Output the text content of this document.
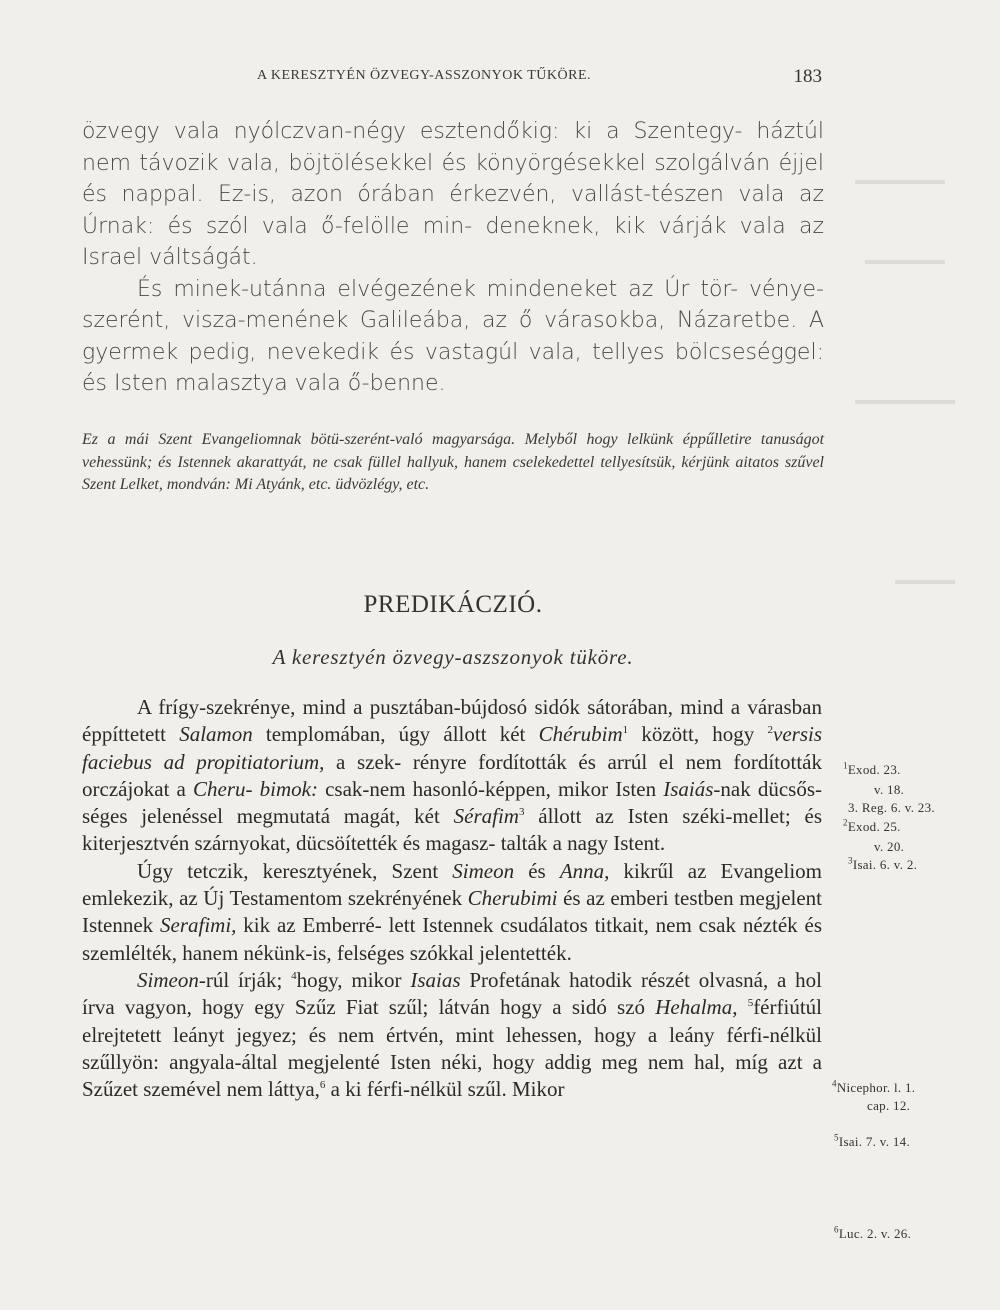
A KERESZTYÉN ÖZVEGY-ASSZONYOK TŰKÖRE.	183

özvegy vala nyólczvan-négy esztendőkig: ki a Szentegy- háztúl nem távozik vala, böjtölésekkel és könyörgésekkel szolgálván éjjel és nappal. Ez-is, azon órában érkezvén, vallást-tészen vala az Úrnak: és szól vala ő-felölle min- deneknek, kik várják vala az Israel váltságát.

És minek-utánna elvégezének mindeneket az Úr tör- vénye-szerént, visza-menének Galileába, az ő várasokba, Názaretbe. A gyermek pedig, nevekedik és vastagúl vala, tellyes bölcseséggel: és Isten malasztya vala ő-benne.

Ez a mái Szent Evangeliomnak bötü-szerént-való magyarsága. Melyből hogy lelkünk éppűlletire tanuságot vehessünk; és Istennek akarattyát, ne csak füllel hallyuk, hanem cselekedettel tellyesítsük, kérjünk aitatos szűvel Szent Lelket, mondván: Mi Atyánk, etc. üdvözlégy, etc.
PREDIKÁCZIÓ.
A keresztyén özvegy-aszszonyok tüköre.

A frígy-szekrénye, mind a pusztában-bújdosó sidók sátorában, mind a várasban éppíttetett Salamon templomában, úgy állott két Chérubim$^1$ között, hogy $^2$versis faciebus ad propitiatorium, a szek- rényre fordították és arrúl el nem fordították orczájokat a Cheru- bimok: csak-nem hasonló-képpen, mikor Isten Isaiás-nak dücsős- séges jelenéssel megmutatá magát, két Sérafim$^3$ állott az Isten széki-mellet; és kiterjesztvén szárnyokat, dücsöítették és magasz- talták a nagy Istent.

Úgy tetczik, keresztyének, Szent Simeon és Anna, kikrűl az Evangeliom emlekezik, az Új Testamentom szekrényének Cherubimi és az emberi testben megjelent Istennek Serafimi, kik az Emberré- lett Istennek csudálatos titkait, nem csak nézték és szemlélték, hanem nékünk-is, felséges szókkal jelentették.

Simeon-rúl írják; $^4$hogy, mikor Isaias Profetának hatodik részét olvasná, a hol írva vagyon, hogy egy Szűz Fiat szűl; látván hogy a sidó szó Hehalma, $^5$férfiútúl elrejtetett leányt jegyez; és nem értvén, mint lehessen, hogy a leány férfi-nélkül szűllyön: angyala-által megjelenté Isten néki, hogy addig meg nem hal, míg azt a Szűzet szemével nem láttya,$^6$ a ki férfi-nélkül szűl. Mikor

$^1$Exod. 23.
v. 18.
3. Reg. 6. v. 23.
$^2$Exod. 25.
v. 20.
$^3$Isai. 6. v. 2.
$^4$Nicephor. l. 1.
cap. 12.
$^5$Isai. 7. v. 14.
$^6$Luc. 2. v. 26.
